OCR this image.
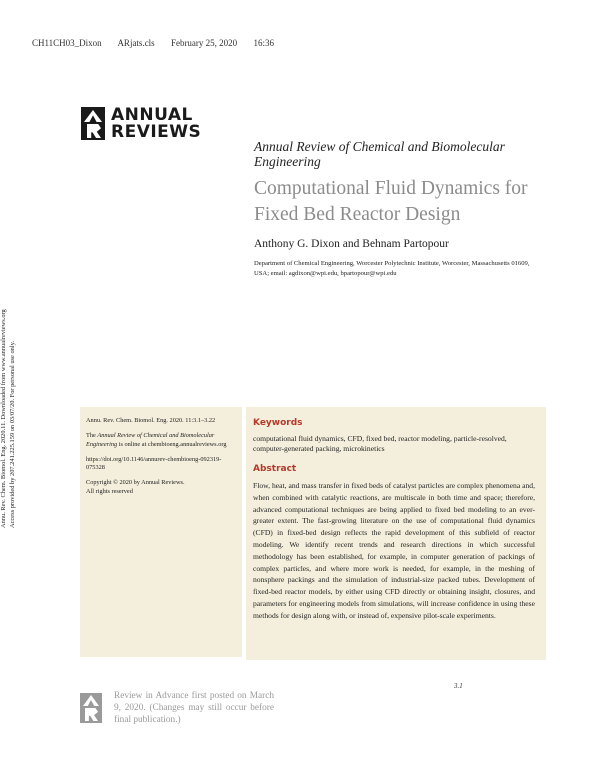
CH11CH03_Dixon ARjats.cls February 25, 2020 16:36
ANNUAL
REVIEWS
Annual Review of Chemical and Biomolecular Engineering
Computational Fluid Dynamics for Fixed Bed Reactor Design
Anthony G. Dixon and Behnam Partopour
Department of Chemical Engineering, Worcester Polytechnic Institute, Worcester, Massachusetts 01609, USA; email: agdixon@wpi.edu, bpartopour@wpi.edu
Annu. Rev. Chem. Biomol. Eng. 2020.11. Downloaded from www.annualreviews.org Access provided by 207.241.225.159 on 03/07/20. For personal use only.	Annu. Rev. Chem. Biomol. Eng. 2020. 11:3.1–3.22

The Annual Review of Chemical and Biomolecular Engineering is online at chembioeng.annualreviews.org

https://doi.org/10.1146/annurev-chembioeng-092319-075328

Copyright © 2020 by Annual Reviews.
All rights reserved

Keywords
computational fluid dynamics, CFD, fixed bed, reactor modeling, particle-resolved, computer-generated packing, microkinetics
Abstract
Flow, heat, and mass transfer in fixed beds of catalyst particles are complex phenomena and, when combined with catalytic reactions, are multiscale in both time and space; therefore, advanced computational techniques are being applied to fixed bed modeling to an ever-greater extent. The fast-growing literature on the use of computational fluid dynamics (CFD) in fixed-bed design reflects the rapid development of this subfield of reactor modeling. We identify recent trends and research directions in which successful methodology has been established, for example, in computer generation of packings of complex particles, and where more work is needed, for example, in the meshing of nonsphere packings and the simulation of industrial-size packed tubes. Development of fixed-bed reactor models, by either using CFD directly or obtaining insight, closures, and parameters for engineering models from simulations, will increase confidence in using these methods for design along with, or instead of, expensive pilot-scale experiments.
3.1
Review in Advance first posted on March 9, 2020. (Changes may still occur before final publication.)
